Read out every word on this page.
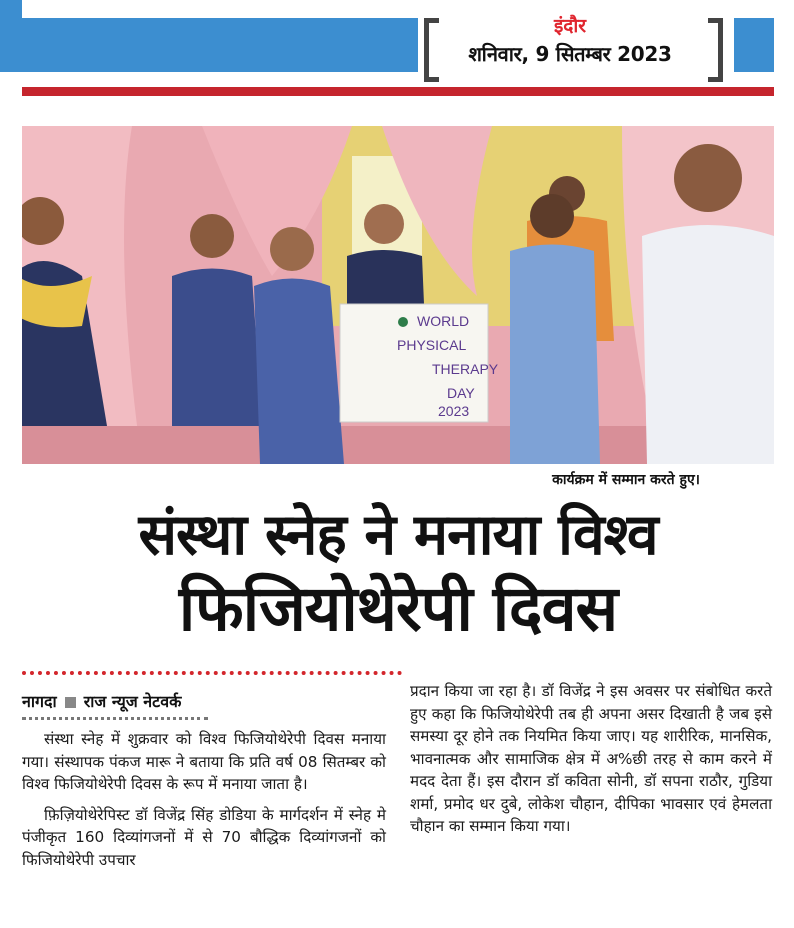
इंदौर
शनिवार, 9 सितम्बर 2023
WORLD
PHYSICAL
THERAPY
DAY
2023
कार्यक्रम में सम्मान करते हुए।
संस्था स्नेह ने मनाया विश्व
फिजियोथेरेपी दिवस
नागदा राज न्यूज नेटवर्क

संस्था स्नेह में शुक्रवार को विश्व फिजियोथेरेपी दिवस मनाया गया। संस्थापक पंकज मारू ने बताया कि प्रति वर्ष 08 सितम्बर को विश्व फिजियोथेरेपी दिवस के रूप में मनाया जाता है।

फ़िज़ियोथेरेपिस्ट डॉ विजेंद्र सिंह डोडिया के मार्गदर्शन में स्नेह मे पंजीकृत 160 दिव्यांगजनों में से 70 बौद्धिक दिव्यांगजनों को फिजियोथेरेपी उपचार

प्रदान किया जा रहा है। डॉ विजेंद्र ने इस अवसर पर संबोधित करते हुए कहा कि फिजियोथेरेपी तब ही अपना असर दिखाती है जब इसे समस्या दूर होने तक नियमित किया जाए। यह शारीरिक, मानसिक, भावनात्मक और सामाजिक क्षेत्र में अ%छी तरह से काम करने में मदद देता हैं। इस दौरान डॉ कविता सोनी, डॉ सपना राठौर, गुडिया शर्मा, प्रमोद धर दुबे, लोकेश चौहान, दीपिका भावसार एवं हेमलता चौहान का सम्मान किया गया।
